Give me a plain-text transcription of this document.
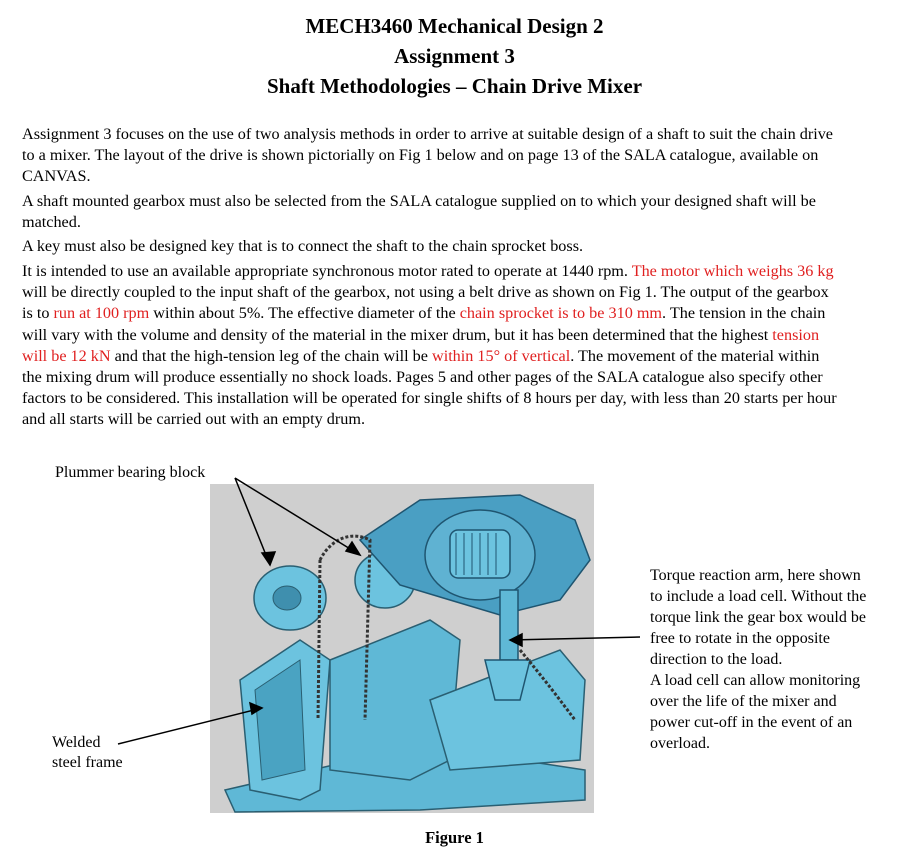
MECH3460 Mechanical Design 2
Assignment 3
Shaft Methodologies – Chain Drive Mixer

Assignment 3 focuses on the use of two analysis methods in order to arrive at suitable design of a shaft to suit the chain drive to a mixer. The layout of the drive is shown pictorially on Fig 1 below and on page 13 of the SALA catalogue, available on CANVAS.

A shaft mounted gearbox must also be selected from the SALA catalogue supplied on to which your designed shaft will be matched.

A key must also be designed key that is to connect the shaft to the chain sprocket boss.

It is intended to use an available appropriate synchronous motor rated to operate at 1440 rpm. The motor which weighs 36 kg will be directly coupled to the input shaft of the gearbox, not using a belt drive as shown on Fig 1. The output of the gearbox is to run at 100 rpm within about 5%. The effective diameter of the chain sprocket is to be 310 mm. The tension in the chain will vary with the volume and density of the material in the mixer drum, but it has been determined that the highest tension will be 12 kN and that the high-tension leg of the chain will be within 15° of vertical. The movement of the material within the mixing drum will produce essentially no shock loads. Pages 5 and other pages of the SALA catalogue also specify other factors to be considered. This installation will be operated for single shifts of 8 hours per day, with less than 20 starts per hour and all starts will be carried out with an empty drum.

Plummer bearing block
Welded
steel frame
Torque reaction arm, here shown
to include a load cell. Without the
torque link the gear box would be
free to rotate in the opposite
direction to the load.
A load cell can allow monitoring
over the life of the mixer and
power cut-off in the event of an
overload.
Figure 1
